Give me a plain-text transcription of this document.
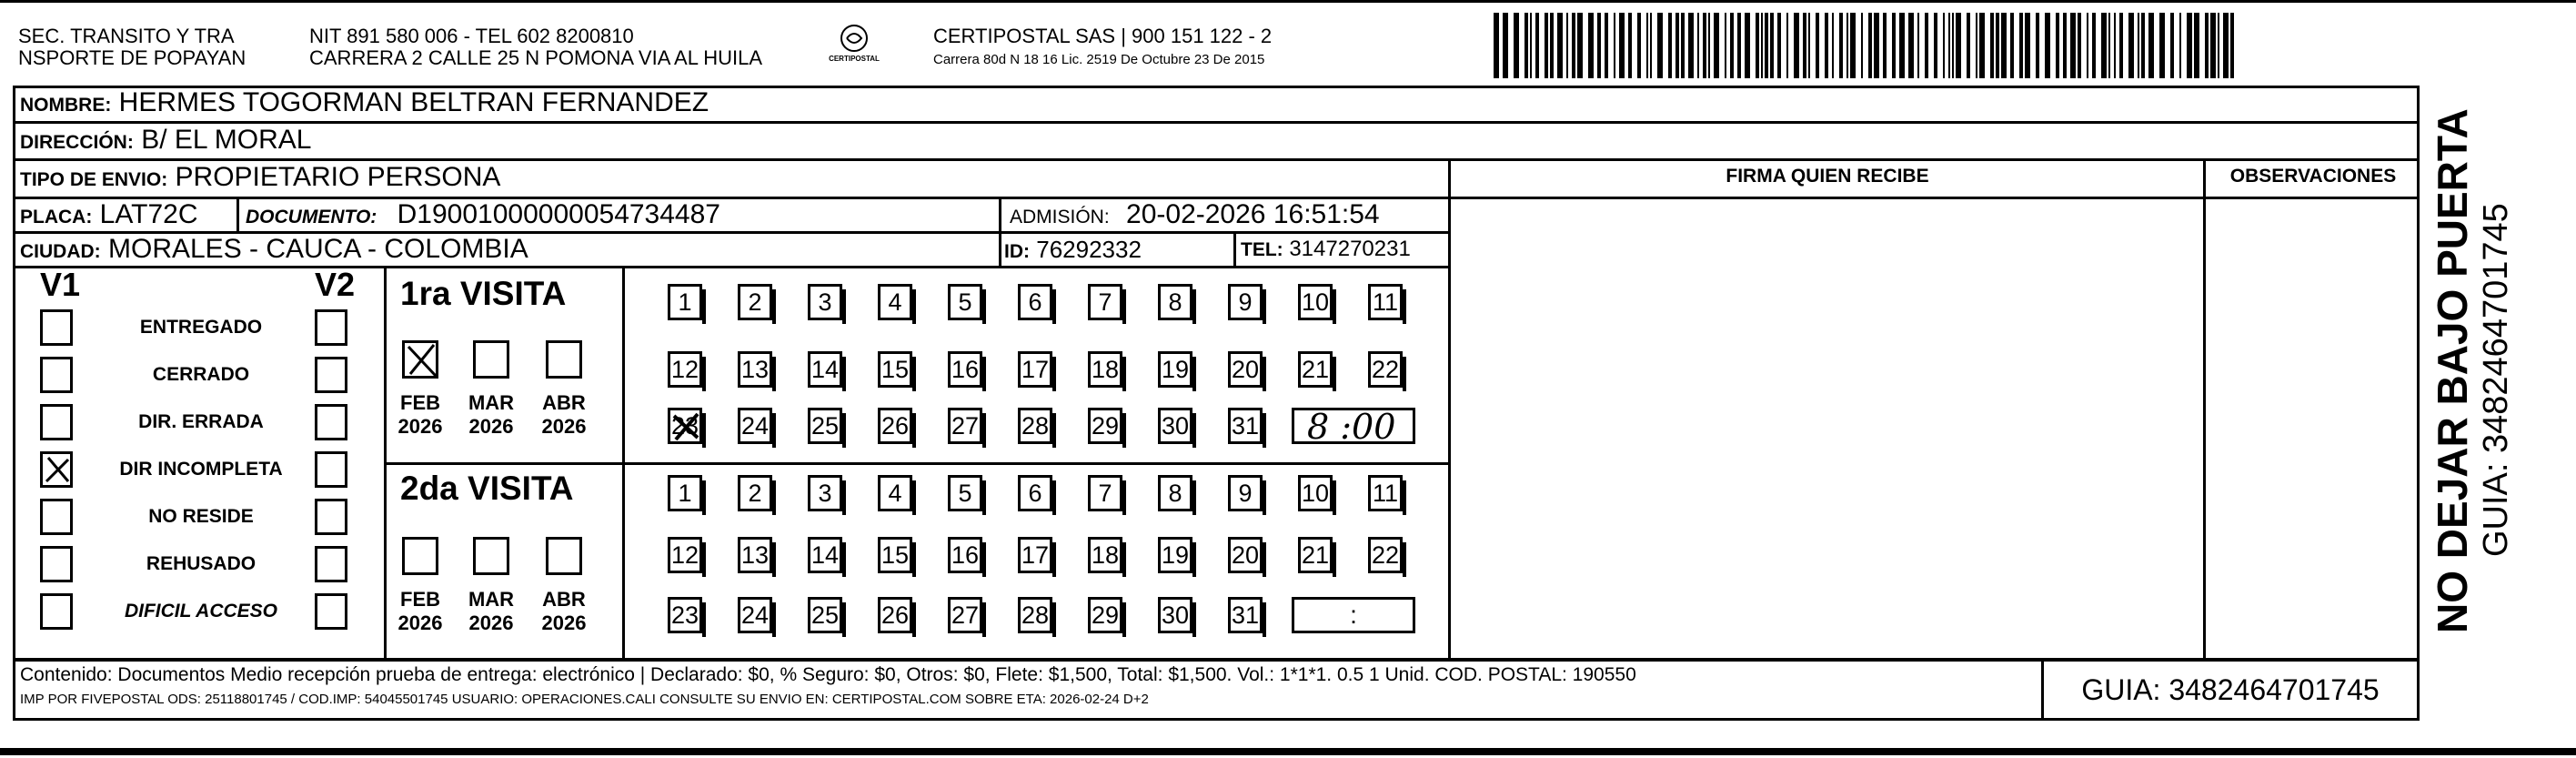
SEC. TRANSITO Y TRA
NSPORTE DE POPAYAN
NIT 891 580 006 - TEL 602 8200810
CARRERA 2 CALLE 25 N POMONA VIA AL HUILA	CERTIPOSTAL
CERTIPOSTAL SAS | 900 151 122 - 2
Carrera 80d N 18 16 Lic. 2519 De Octubre 23 De 2015
NOMBRE: HERMES TOGORMAN BELTRAN FERNANDEZ
DIRECCIÓN: B/ EL MORAL
TIPO DE ENVIO: PROPIETARIO PERSONA
PLACA: LAT72C	DOCUMENTO: D19001000000054734487	ADMISIÓN: 20-02-2026 16:51:54
CIUDAD: MORALES - CAUCA - COLOMBIA	ID: 76292332	TEL: 3147270231
FIRMA QUIEN RECIBE	OBSERVACIONES
V1	V2
ENTREGADO
CERRADO
DIR. ERRADA
DIR INCOMPLETA
NO RESIDE
REHUSADO
DIFICIL ACCESO
1ra VISITA
FEB
2026
MAR
2026
ABR
2026
1	2	3	4	5	6	7	8	9	10 11
12 13 14 15 16 17 18 19 20 21 22
23 24 25 26 27 28 29 30 31 8 :00
2da VISITA
FEB
2026
MAR
2026
ABR
2026
1	2	3	4	5	6	7	8	9	10 11
12 13 14 15 16 17 18 19 20 21 22
23 24 25 26 27 28 29 30 31	:
Contenido: Documentos Medio recepción prueba de entrega: electrónico | Declarado: $0, % Seguro: $0, Otros: $0, Flete: $1,500, Total: $1,500. Vol.: 1*1*1. 0.5 1 Unid. COD. POSTAL: 190550
IMP POR FIVEPOSTAL ODS: 25118801745 / COD.IMP: 54045501745 USUARIO: OPERACIONES.CALI CONSULTE SU ENVIO EN: CERTIPOSTAL.COM SOBRE ETA: 2026-02-24 D+2	GUIA: 3482464701745
NO DEJAR BAJO PUERTA GUIA: 3482464701745
